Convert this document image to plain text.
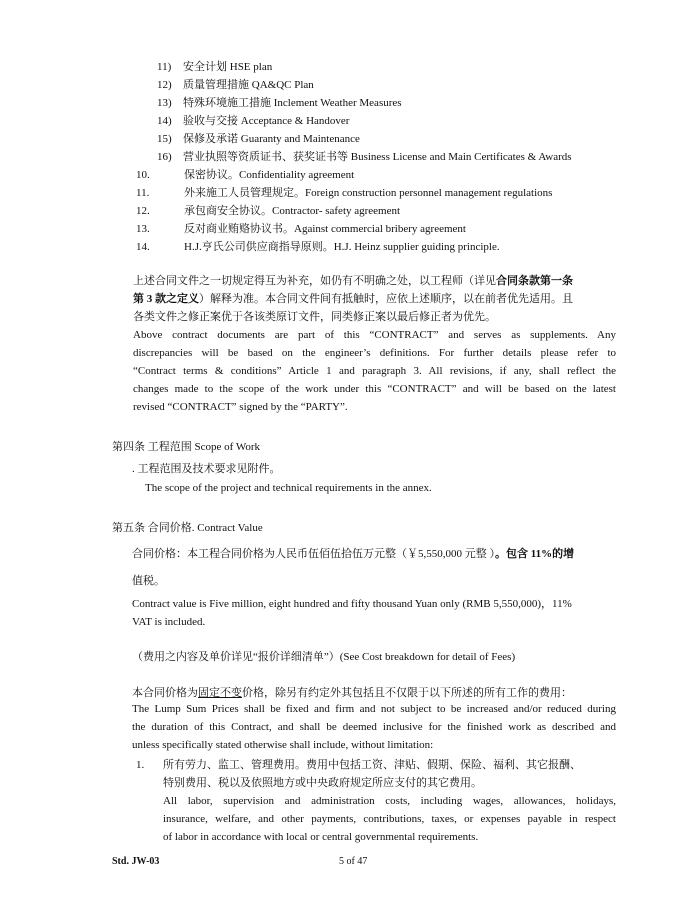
11) 安全计划 HSE plan
12) 质量管理措施 QA&QC Plan
13) 特殊环境施工措施 Inclement Weather Measures
14) 验收与交接 Acceptance & Handover
15) 保修及承诺 Guaranty and Maintenance
16) 营业执照等资质证书、获奖证书等 Business License and Main Certificates & Awards
10.	保密协议。Confidentiality agreement
11.	外来施工人员管理规定。Foreign construction personnel management regulations
12.	承包商安全协议。Contractor- safety agreement
13.	反对商业贿赂协议书。Against commercial bribery agreement
14.	H.J.亨氏公司供应商指导原则。H.J. Heinz supplier guiding principle.
上述合同文件之一切规定得互为补充，如仍有不明确之处，以工程师（详见合同条款第一条
第 3 款之定义）解释为准。本合同文件间有抵触时，应依上述顺序，以在前者优先适用。且
各类文件之修正案优于各该类原订文件，同类修正案以最后修正者为优先。
Above contract documents are part of this “CONTRACT” and serves as supplements. Any
discrepancies will be based on the engineer’s definitions. For further details please refer to
“Contract terms & conditions” Article 1 and paragraph 3. All revisions, if any, shall reflect the
changes made to the scope of the work under this “CONTRACT” and will be based on the latest
revised “CONTRACT” signed by the “PARTY”.
第四条 工程范围 Scope of Work
. 工程范围及技术要求见附件。
The scope of the project and technical requirements in the annex.
第五条 合同价格. Contract Value
合同价格：本工程合同价格为人民币伍佰伍拾伍万元整（￥5,550,000 元整 ）。包含 11%的增
值税。
Contract value is Five million, eight hundred and fifty thousand Yuan only (RMB 5,550,000)，11%
VAT is included.
（费用之内容及单价详见“报价详细清单”）(See Cost breakdown for detail of Fees)
本合同价格为固定不变价格，除另有约定外其包括且不仅限于以下所述的所有工作的费用：
The Lump Sum Prices shall be fixed and firm and not subject to be increased and/or reduced during
the duration of this Contract, and shall be deemed inclusive for the finished work as described and
unless specifically stated otherwise shall include, without limitation:
1. 所有劳力、监工、管理费用。费用中包括工资、津贴、假期、保险、福利、其它报酬、
特别费用、税以及依照地方或中央政府规定所应支付的其它费用。
All labor, supervision and administration costs, including wages, allowances, holidays,
insurance, welfare, and other payments, contributions, taxes, or expenses payable in respect
of labor in accordance with local or central governmental requirements.
Std. JW-03	5 of 47
